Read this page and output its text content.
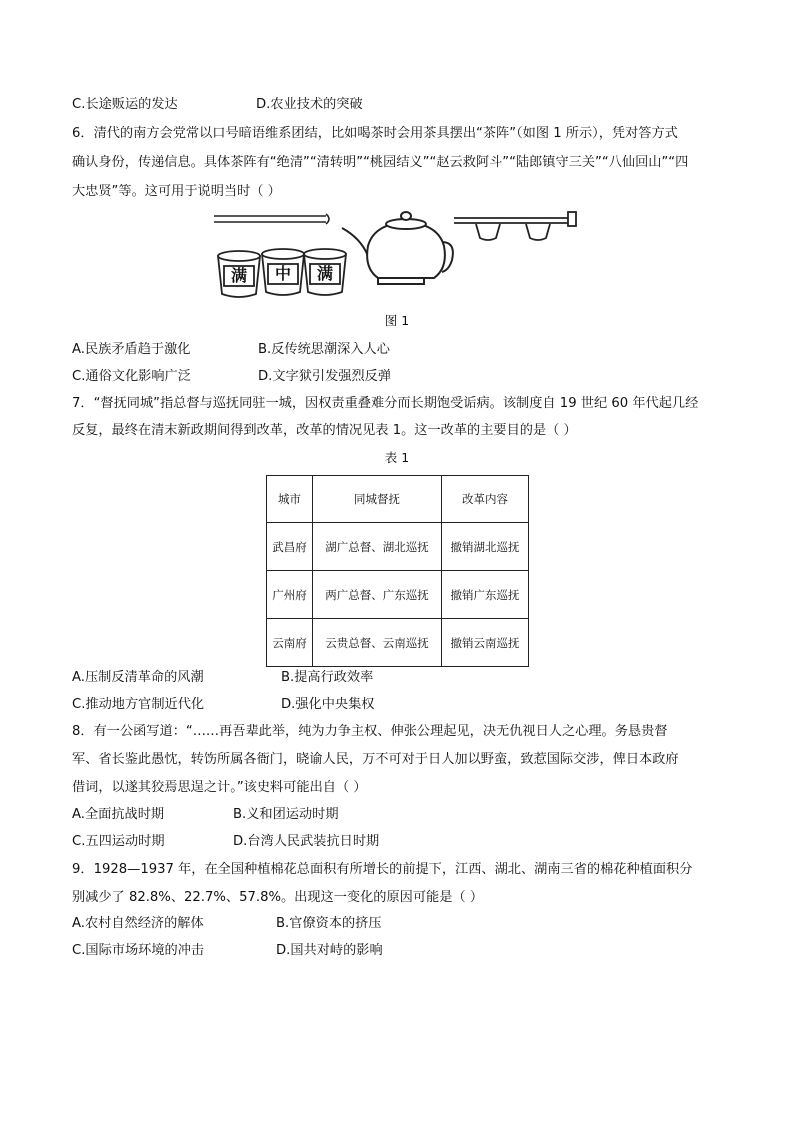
C.长途贩运的发达	D.农业技术的突破
6．清代的南方会党常以口号暗语维系团结，比如喝茶时会用茶具摆出“茶阵”（如图 1 所示），凭对答方式
确认身份，传递信息。具体茶阵有“绝清”“清转明”“桃园结义”“赵云救阿斗”“陆郎镇守三关”“八仙回山”“四
大忠贤”等。这可用于说明当时（ ）
满 中 满
图 1
A.民族矛盾趋于激化	B.反传统思潮深入人心
C.通俗文化影响广泛	D.文字狱引发强烈反弹
7．“督抚同城”指总督与巡抚同驻一城，因权责重叠难分而长期饱受诟病。该制度自 19 世纪 60 年代起几经
反复，最终在清末新政期间得到改革，改革的情况见表 1。这一改革的主要目的是（ ）
表 1
城市	同城督抚	改革内容
武昌府	湖广总督、湖北巡抚	撤销湖北巡抚
广州府	两广总督、广东巡抚	撤销广东巡抚
云南府	云贵总督、云南巡抚	撤销云南巡抚
A.压制反清革命的风潮	B.提高行政效率
C.推动地方官制近代化	D.强化中央集权
8．有一公函写道：“……再吾辈此举，纯为力争主权、伸张公理起见，决无仇视日人之心理。务恳贵督
军、省长鉴此愚忱，转饬所属各衙门，晓谕人民，万不可对于日人加以野蛮，致惹国际交涉，俾日本政府
借词，以遂其狡焉思逞之计。”该史料可能出自（ ）
A.全面抗战时期	B.义和团运动时期
C.五四运动时期	D.台湾人民武装抗日时期
9．1928—1937 年，在全国种植棉花总面积有所增长的前提下，江西、湖北、湖南三省的棉花种植面积分
别减少了 82.8%、22.7%、57.8%。出现这一变化的原因可能是（ ）
A.农村自然经济的解体	B.官僚资本的挤压
C.国际市场环境的冲击	D.国共对峙的影响
